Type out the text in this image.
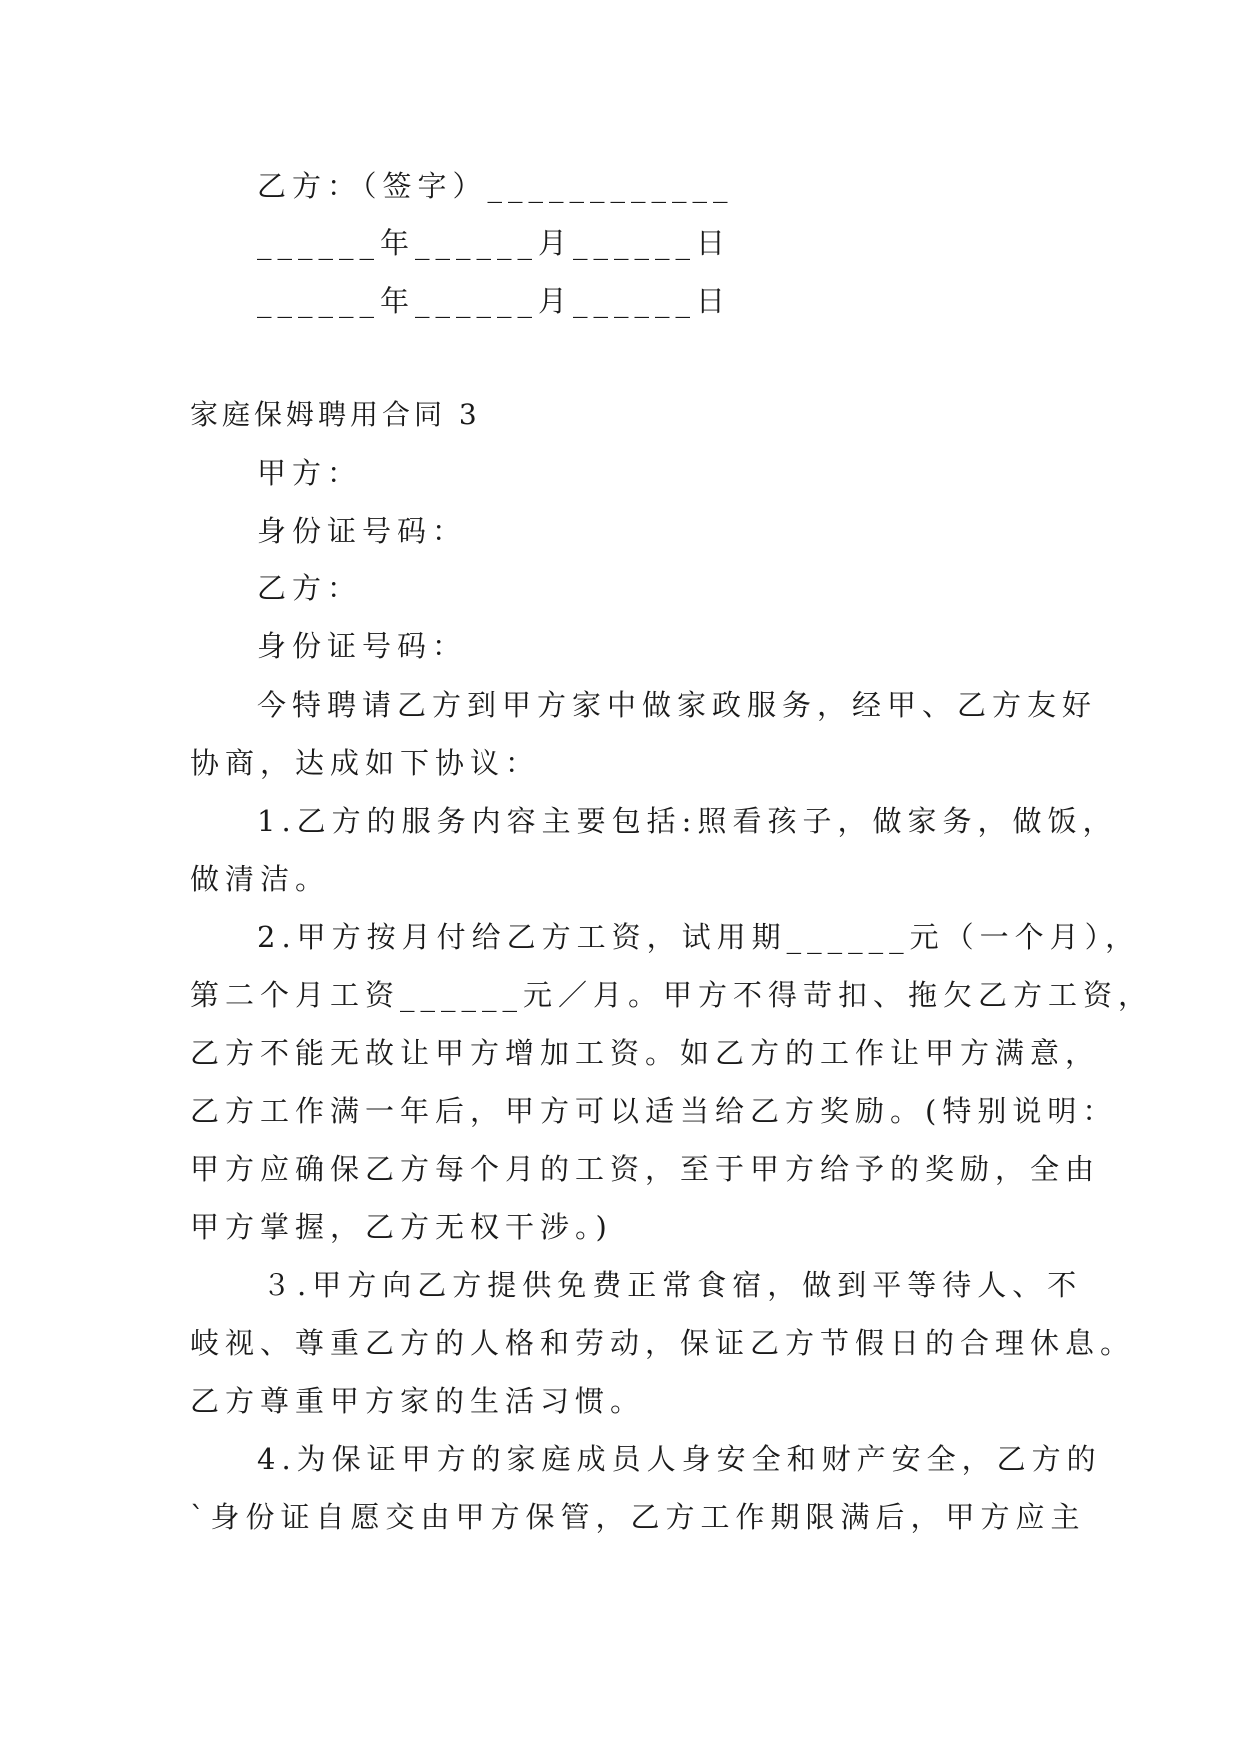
乙方：（签字）____________
______年______月______日
______年______月______日
家庭保姆聘用合同 3
甲方：
身份证号码：
乙方：
身份证号码：
今特聘请乙方到甲方家中做家政服务，经甲、乙方友好
协商，达成如下协议：
1.乙方的服务内容主要包括:照看孩子，做家务，做饭，
做清洁。
2.甲方按月付给乙方工资，试用期______元（一个月），
第二个月工资______元／月。甲方不得苛扣、拖欠乙方工资，
乙方不能无故让甲方增加工资。如乙方的工作让甲方满意，
乙方工作满一年后，甲方可以适当给乙方奖励。(特别说明：
甲方应确保乙方每个月的工资，至于甲方给予的奖励，全由
甲方掌握，乙方无权干涉。)
３.甲方向乙方提供免费正常食宿，做到平等待人、不
岐视、尊重乙方的人格和劳动，保证乙方节假日的合理休息。
乙方尊重甲方家的生活习惯。
4.为保证甲方的家庭成员人身安全和财产安全，乙方的
`身份证自愿交由甲方保管，乙方工作期限满后，甲方应主
